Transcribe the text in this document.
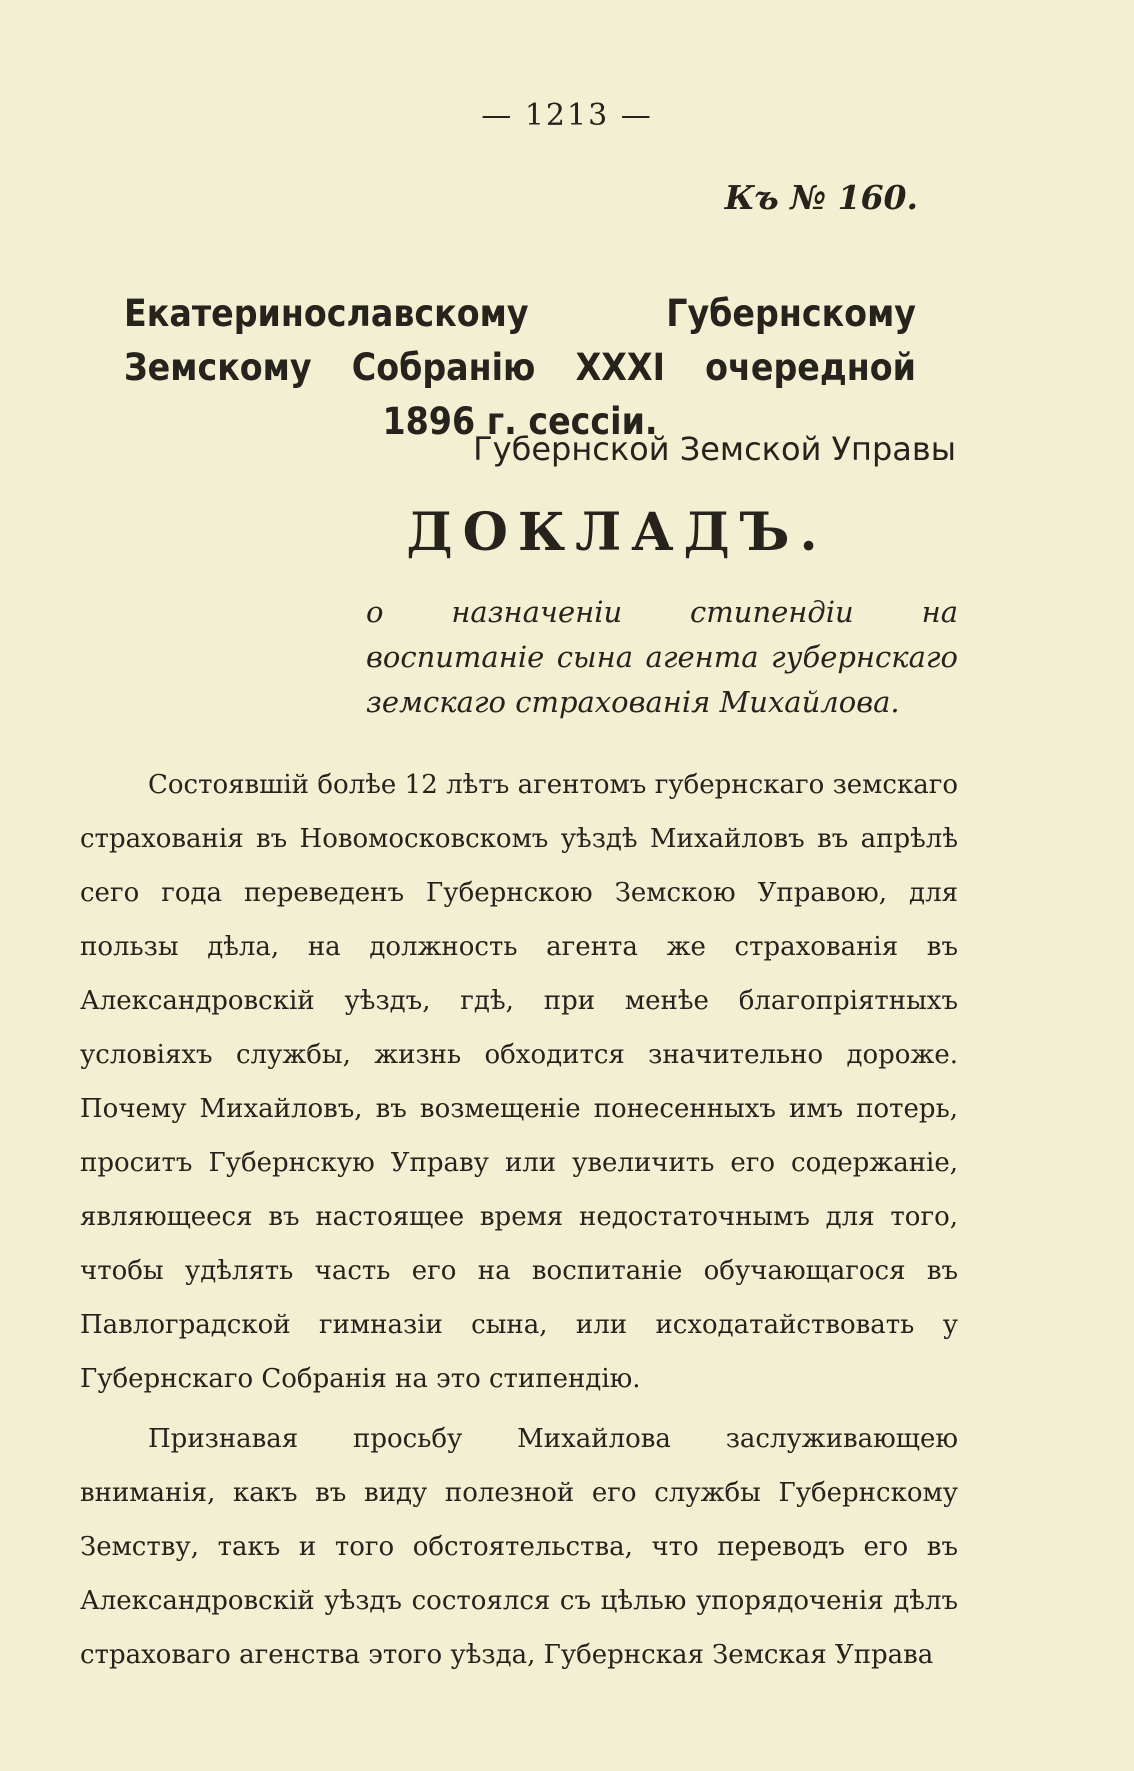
— 1213 —
Къ № 160.
Екатеринославскому Губернскому Земскому Собранію XXXI очередной 1896 г. сессіи.
Губернской Земской Управы
ДОКЛАДЪ.
о назначеніи стипендіи на воспитаніе сына агента губернскаго земскаго страхованія Михайлова.

Состоявшій болѣе 12 лѣтъ агентомъ губернскаго земскаго страхованія въ Новомосковскомъ уѣздѣ Михайловъ въ апрѣлѣ сего года переведенъ Губернскою Земскою Управою, для пользы дѣла, на должность агента же страхованія въ Александровскій уѣздъ, гдѣ, при менѣе благопріятныхъ условіяхъ службы, жизнь обходится значительно дороже. Почему Михайловъ, въ возмещеніе понесенныхъ имъ потерь, проситъ Губернскую Управу или увеличить его содержаніе, являющееся въ настоящее время недостаточнымъ для того, чтобы удѣлять часть его на воспитаніе обучающагося въ Павлоградской гимназіи сына, или исходатайствовать у Губернскаго Собранія на это стипендію.

Признавая просьбу Михайлова заслуживающею вниманія, какъ въ виду полезной его службы Губернскому Земству, такъ и того обстоятельства, что переводъ его въ Александровскій уѣздъ состоялся съ цѣлью упорядоченія дѣлъ страховаго агенства этого уѣзда, Губернская Земская Управа
